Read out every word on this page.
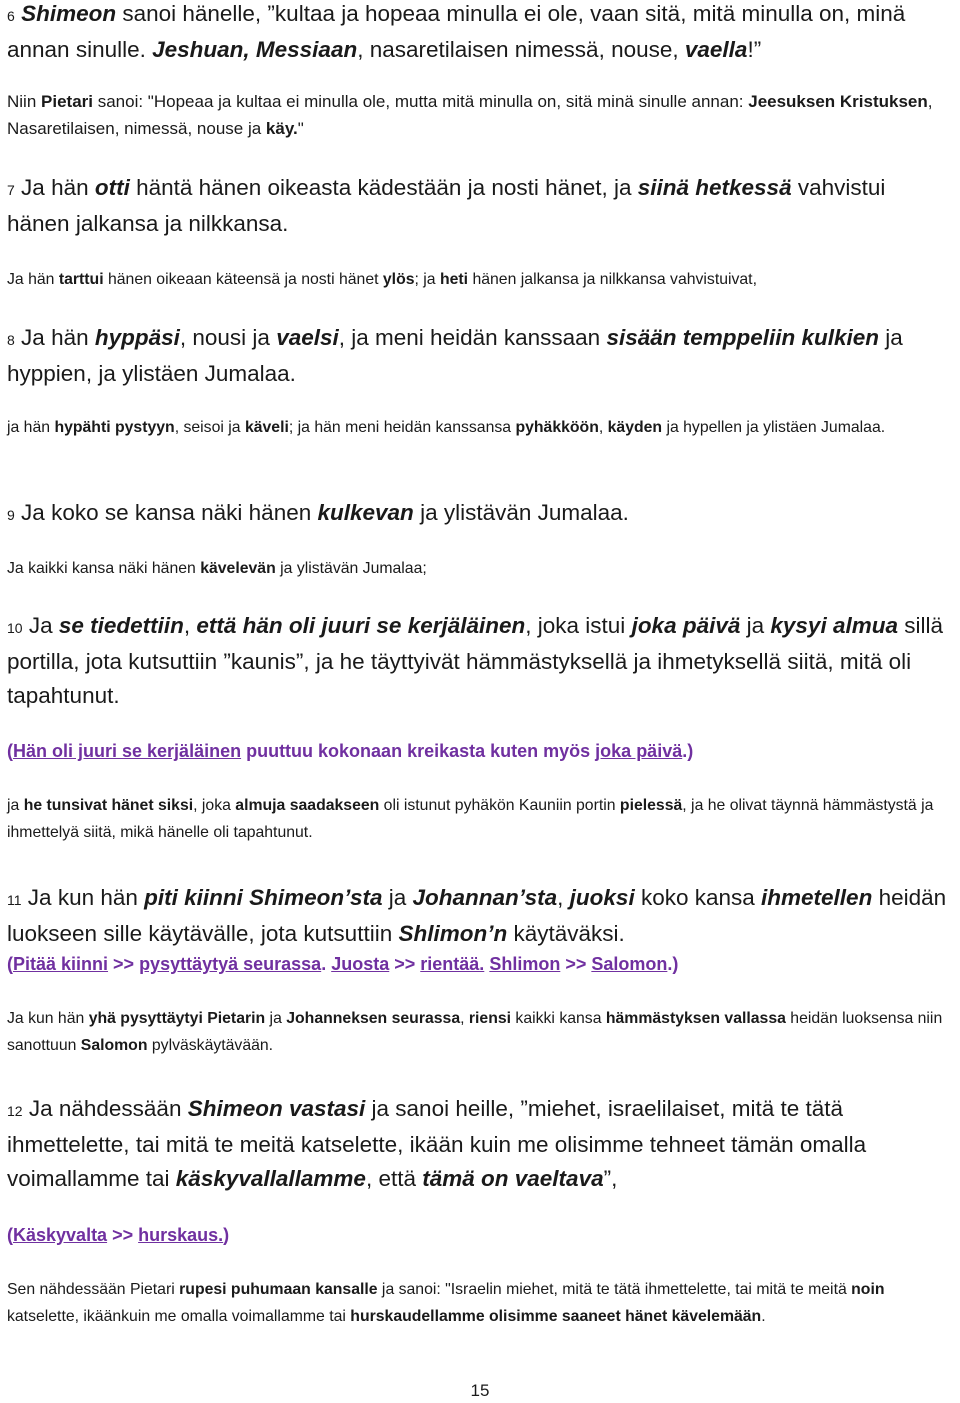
6 Shimeon sanoi hänelle, ”kultaa ja hopeaa minulla ei ole, vaan sitä, mitä minulla on, minä annan sinulle. Jeshuan, Messiaan, nasaretilaisen nimessä, nouse, vaella!”

Niin Pietari sanoi: "Hopeaa ja kultaa ei minulla ole, mutta mitä minulla on, sitä minä sinulle annan: Jeesuksen Kristuksen, Nasaretilaisen, nimessä, nouse ja käy."

7 Ja hän otti häntä hänen oikeasta kädestään ja nosti hänet, ja siinä hetkessä vahvistui hänen jalkansa ja nilkkansa.

Ja hän tarttui hänen oikeaan käteensä ja nosti hänet ylös; ja heti hänen jalkansa ja nilkkansa vahvistuivat,

8 Ja hän hyppäsi, nousi ja vaelsi, ja meni heidän kanssaan sisään temppeliin kulkien ja hyppien, ja ylistäen Jumalaa.

ja hän hypähti pystyyn, seisoi ja käveli; ja hän meni heidän kanssansa pyhäkköön, käyden ja hypellen ja ylistäen Jumalaa.

9 Ja koko se kansa näki hänen kulkevan ja ylistävän Jumalaa.

Ja kaikki kansa näki hänen kävelevän ja ylistävän Jumalaa;

10 Ja se tiedettiin, että hän oli juuri se kerjäläinen, joka istui joka päivä ja kysyi almua sillä portilla, jota kutsuttiin ”kaunis”, ja he täyttyivät hämmästyksellä ja ihmetyksellä siitä, mitä oli tapahtunut.

(Hän oli juuri se kerjäläinen puuttuu kokonaan kreikasta kuten myös joka päivä.)

ja he tunsivat hänet siksi, joka almuja saadakseen oli istunut pyhäkön Kauniin portin pielessä, ja he olivat täynnä hämmästystä ja ihmettelyä siitä, mikä hänelle oli tapahtunut.

11 Ja kun hän piti kiinni Shimeon’sta ja Johannan’sta, juoksi koko kansa ihmetellen heidän luokseen sille käytävälle, jota kutsuttiin Shlimon’n käytäväksi.

(Pitää kiinni >> pysyttäytyä seurassa. Juosta >> rientää. Shlimon >> Salomon.)

Ja kun hän yhä pysyttäytyi Pietarin ja Johanneksen seurassa, riensi kaikki kansa hämmästyksen vallassa heidän luoksensa niin sanottuun Salomon pylväskäytävään.

12 Ja nähdessään Shimeon vastasi ja sanoi heille, ”miehet, israelilaiset, mitä te tätä ihmettelette, tai mitä te meitä katselette, ikään kuin me olisimme tehneet tämän omalla voimallamme tai käskyvallallamme, että tämä on vaeltava”,

(Käskyvalta >> hurskaus.)

Sen nähdessään Pietari rupesi puhumaan kansalle ja sanoi: "Israelin miehet, mitä te tätä ihmettelette, tai mitä te meitä noin katselette, ikäänkuin me omalla voimallamme tai hurskaudellamme olisimme saaneet hänet kävelemään.

15
